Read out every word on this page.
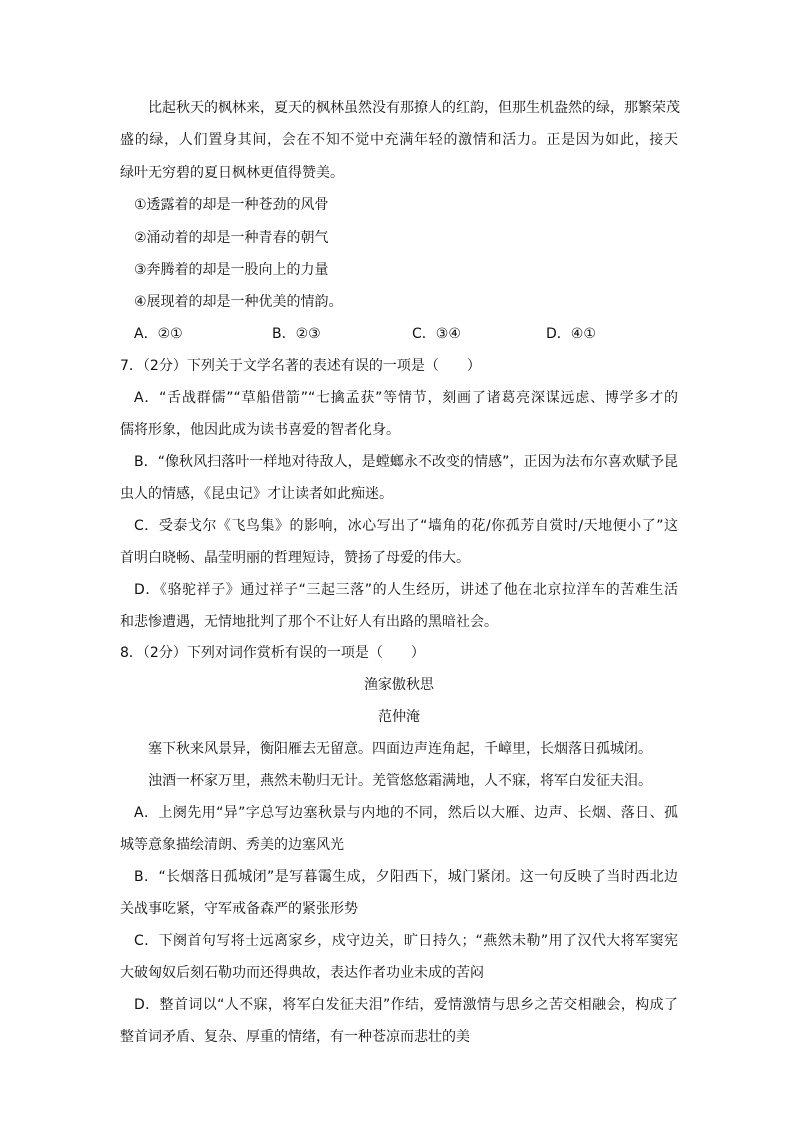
比起秋天的枫林来，夏天的枫林虽然没有那撩人的红韵，但那生机盎然的绿，那繁荣茂
盛的绿，人们置身其间，会在不知不觉中充满年轻的激情和活力。正是因为如此，接天
绿叶无穷碧的夏日枫林更值得赞美。
①透露着的却是一种苍劲的风骨
②涌动着的却是一种青春的朝气
③奔腾着的却是一股向上的力量
④展现着的却是一种优美的情韵。
A．②①	B．②③	C．③④	D．④①
7．（2分）下列关于文学名著的表述有误的一项是（　　）
A．“舌战群儒”“草船借箭”“七擒孟获”等情节，刻画了诸葛亮深谋远虑、博学多才的
儒将形象，他因此成为读书喜爱的智者化身。
B．“像秋风扫落叶一样地对待敌人，是螳螂永不改变的情感”，正因为法布尔喜欢赋予昆
虫人的情感，《昆虫记》才让读者如此痴迷。
C．受泰戈尔《飞鸟集》的影响，冰心写出了“墙角的花/你孤芳自赏时/天地便小了”这
首明白晓畅、晶莹明丽的哲理短诗，赞扬了母爱的伟大。
D．《骆驼祥子》通过祥子“三起三落”的人生经历，讲述了他在北京拉洋车的苦难生活
和悲惨遭遇，无情地批判了那个不让好人有出路的黑暗社会。
8．（2分）下列对词作赏析有误的一项是（　　）
渔家傲秋思
范仲淹
塞下秋来风景异，衡阳雁去无留意。四面边声连角起，千嶂里，长烟落日孤城闭。
浊酒一杯家万里，燕然未勒归无计。羌管悠悠霜满地，人不寐，将军白发征夫泪。
A．上阕先用“异”字总写边塞秋景与内地的不同，然后以大雁、边声、长烟、落日、孤
城等意象描绘清朗、秀美的边塞风光
B．“长烟落日孤城闭”是写暮霭生成，夕阳西下，城门紧闭。这一句反映了当时西北边
关战事吃紧，守军戒备森严的紧张形势
C．下阕首句写将士远离家乡，戍守边关，旷日持久；“燕然未勒”用了汉代大将军窦宪
大破匈奴后刻石勒功而还得典故，表达作者功业未成的苦闷
D．整首词以“人不寐，将军白发征夫泪”作结，爱情激情与思乡之苦交相融会，构成了
整首词矛盾、复杂、厚重的情绪，有一种苍凉而悲壮的美
